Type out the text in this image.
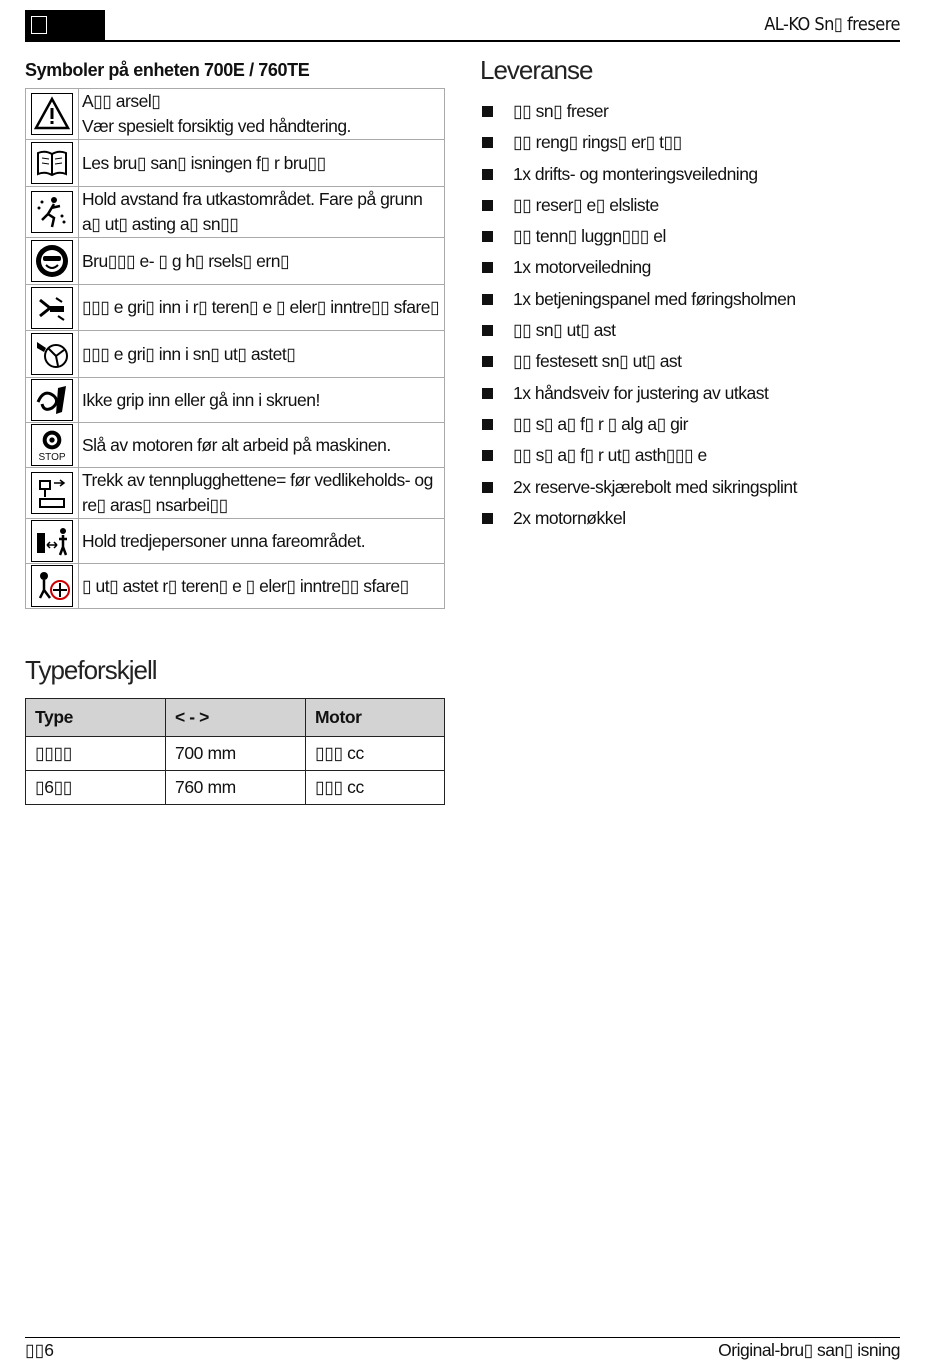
AL-KO Sn▯ fresere
Symboler på enheten 700E / 760TE

A▯▯ arsel▯
Vær spesielt forsiktig ved håndtering.

Les bru▯ san▯ isningen f▯ r bru▯▯

Hold avstand fra utkastområdet. Fare på grunn
a▯ ut▯ asting a▯ sn▯▯

Bru▯▯▯ e- ▯ g h▯ rsels▯ ern▯

▯▯▯ e gri▯ inn i r▯ teren▯ e ▯ eler▯ inntre▯▯ sfare▯

▯▯▯ e gri▯ inn i sn▯ ut▯ astet▯

Ikke grip inn eller gå inn i skruen!

STOP	Slå av motoren før alt arbeid på maskinen.

Trekk av tennplugghettene= før vedlikeholds- og
re▯ aras▯ nsarbei▯▯

Hold tredjepersoner unna fareområdet.

▯ ut▯ astet r▯ teren▯ e ▯ eler▯ inntre▯▯ sfare▯
Leveranse
▯▯ sn▯ freser
▯▯ reng▯ rings▯ er▯ t▯▯
1x drifts- og monteringsveiledning
▯▯ reser▯ e▯ elsliste
▯▯ tenn▯ luggn▯▯▯ el
1x motorveiledning
1x betjeningspanel med føringsholmen
▯▯ sn▯ ut▯ ast
▯▯ festesett sn▯ ut▯ ast
1x håndsveiv for justering av utkast
▯▯ s▯ a▯ f▯ r ▯ alg a▯ gir
▯▯ s▯ a▯ f▯ r ut▯ asth▯▯▯ e
2x reserve-skjærebolt med sikringsplint
2x motornøkkel
Typeforskjell
Type	< - >	Motor
▯▯▯▯	700 mm	▯▯▯ cc
▯6▯▯	760 mm	▯▯▯ cc
▯▯6	Original-bru▯ san▯ isning
